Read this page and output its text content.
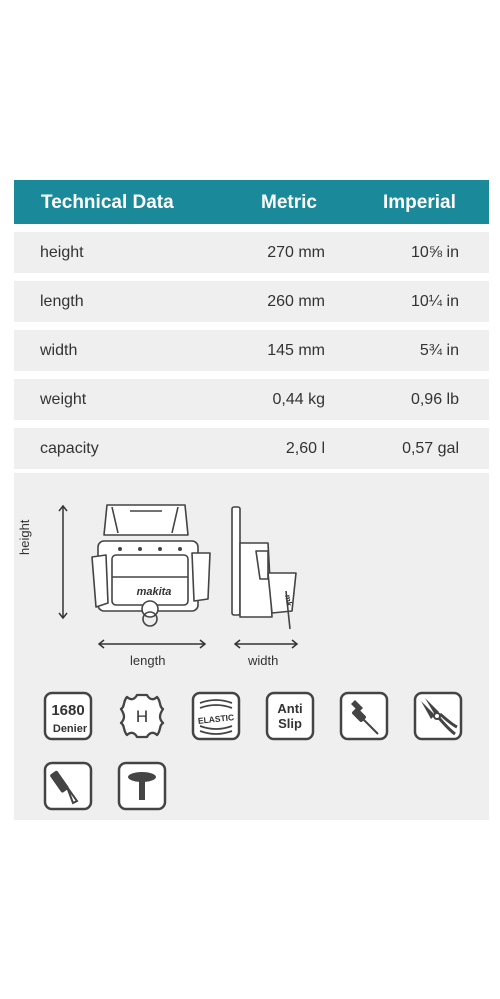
Technical Data	Metric	Imperial
height	270 mm	10⅝ in
length	260 mm	10¼ in
width	145 mm	5¾ in
weight	0,44 kg	0,96 lb
capacity	2,60 l	0,57 gal
height
makita
length
mk
width
1680
Denier
H	ELASTIC
Anti
Slip
